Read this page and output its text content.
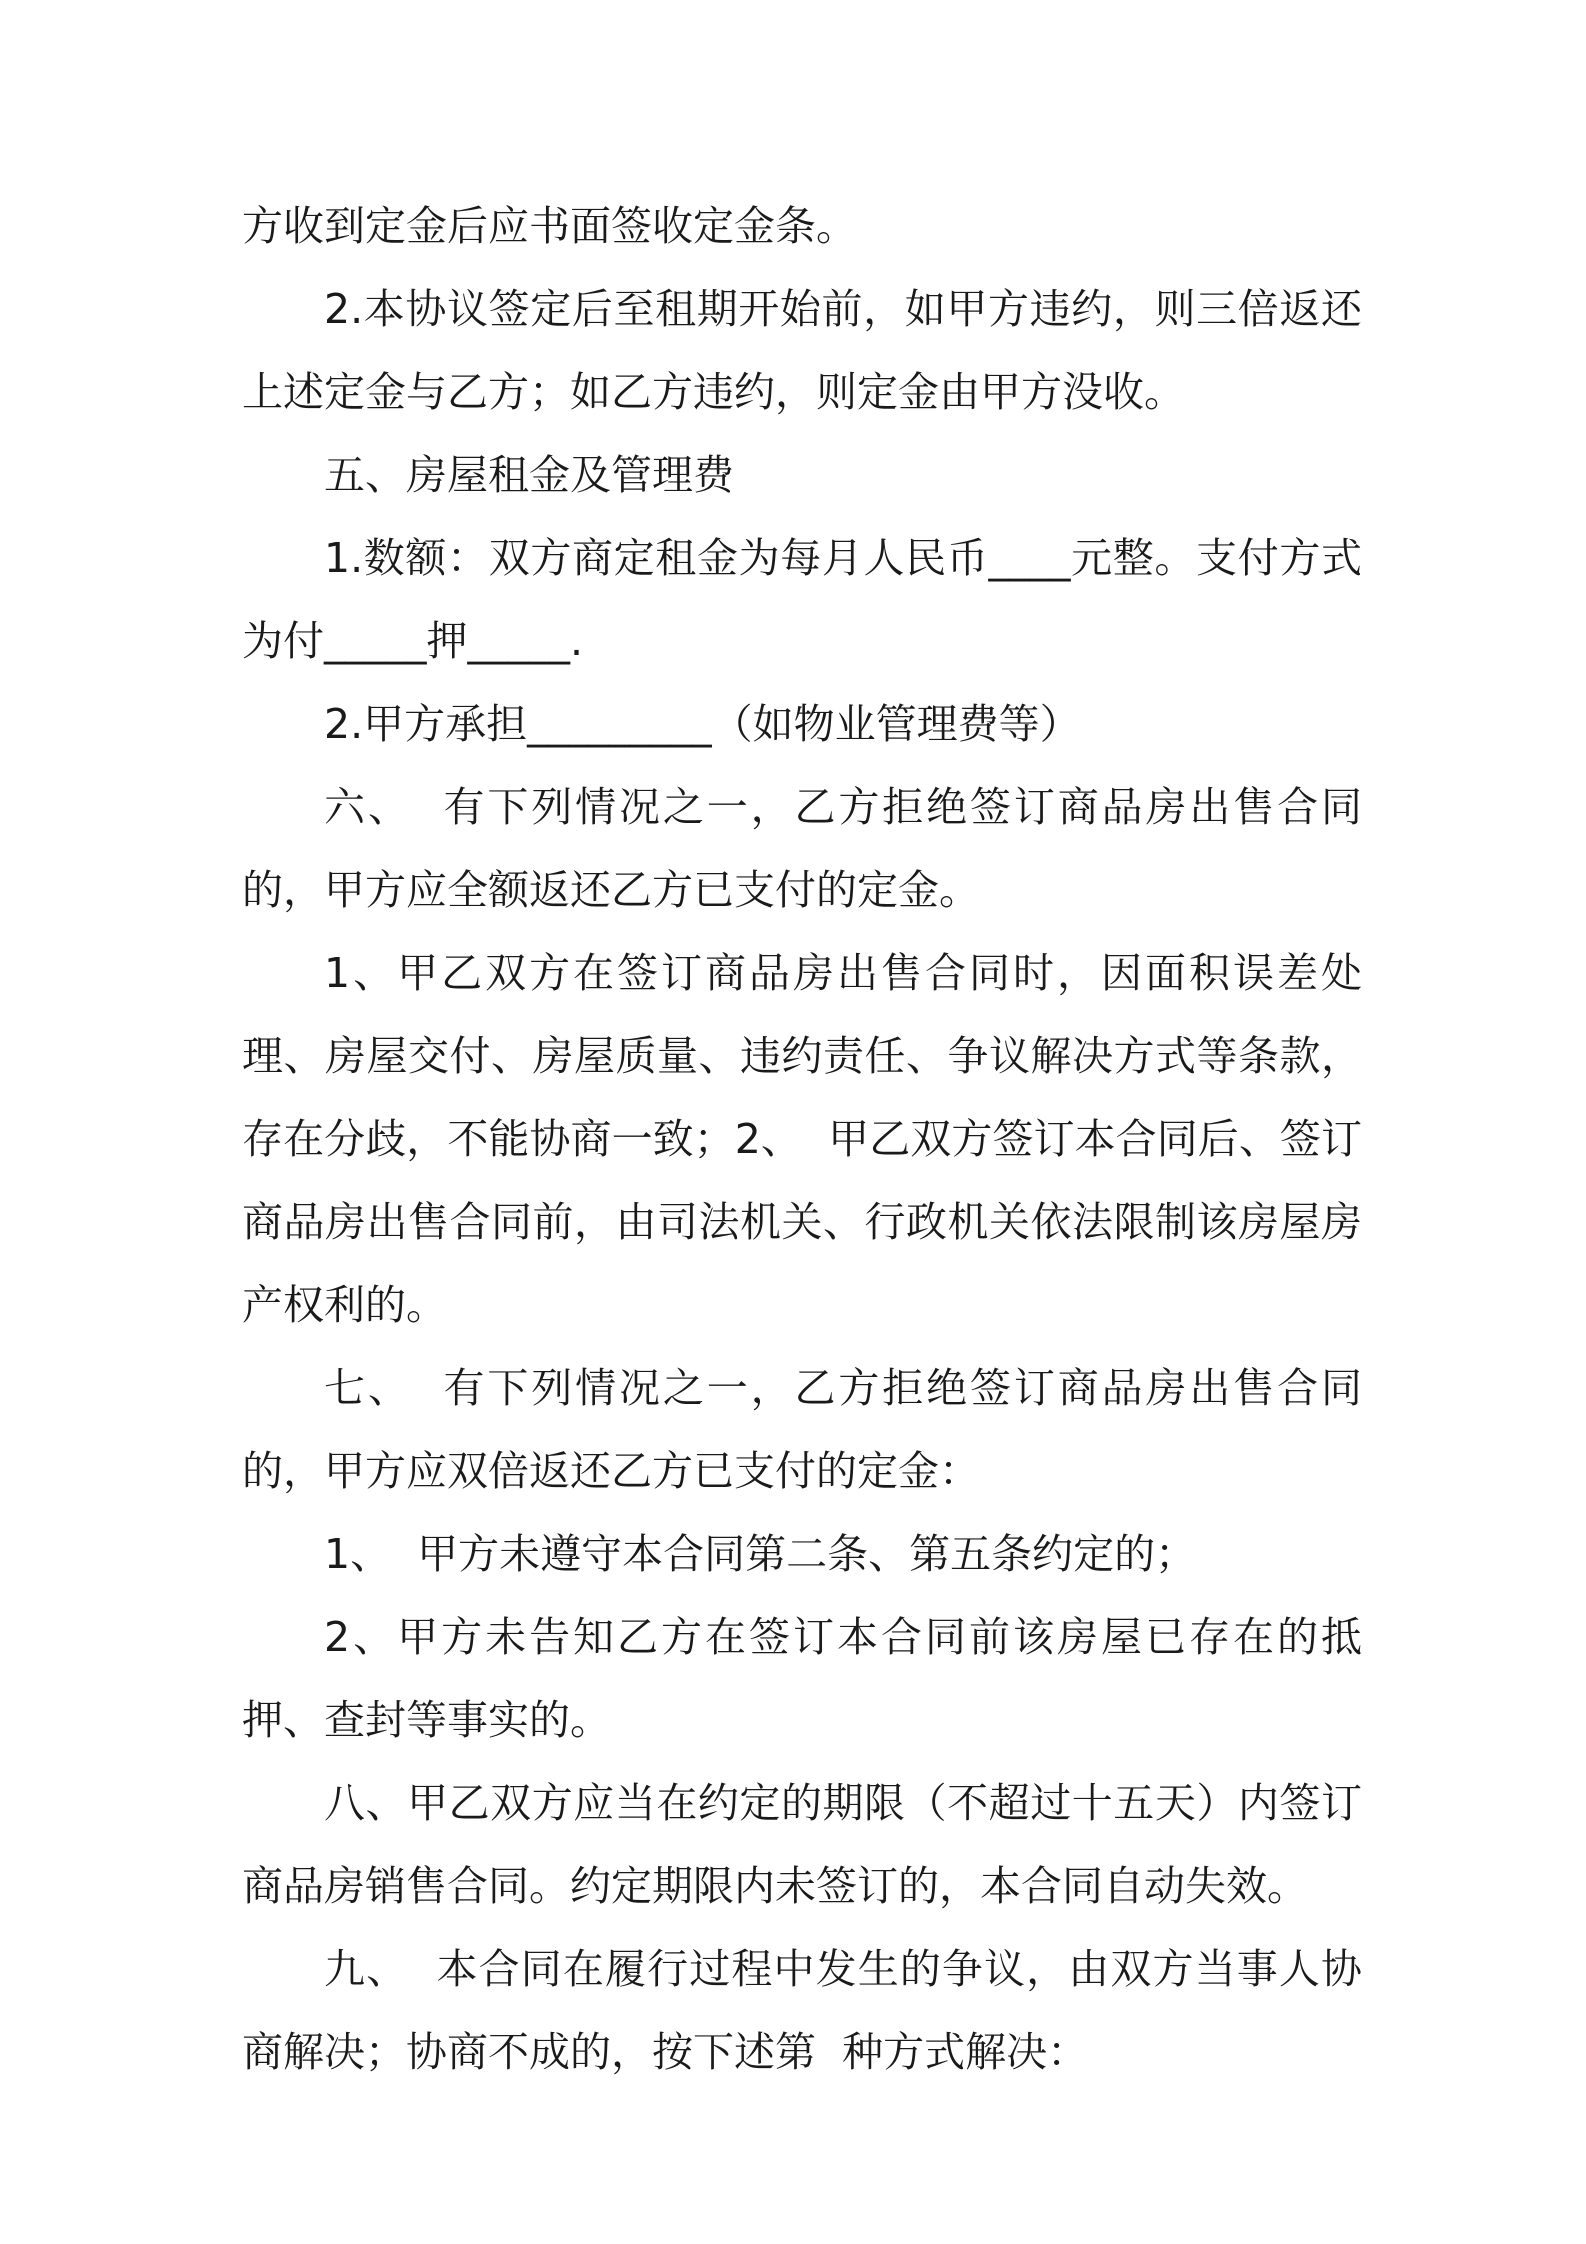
方收到定金后应书面签收定金条。

2.本协议签定后至租期开始前，如甲方违约，则三倍返还上述定金与乙方；如乙方违约，则定金由甲方没收。

五、房屋租金及管理费

1.数额：双方商定租金为每月人民币____元整。支付方式为付_____押_____.

2.甲方承担_________（如物业管理费等）

六、  有下列情况之一，乙方拒绝签订商品房出售合同的，甲方应全额返还乙方已支付的定金。

1、甲乙双方在签订商品房出售合同时，因面积误差处理、房屋交付、房屋质量、违约责任、争议解决方式等条款，存在分歧，不能协商一致；2、  甲乙双方签订本合同后、签订商品房出售合同前，由司法机关、行政机关依法限制该房屋房产权利的。

七、  有下列情况之一，乙方拒绝签订商品房出售合同的，甲方应双倍返还乙方已支付的定金：

1、  甲方未遵守本合同第二条、第五条约定的；

2、甲方未告知乙方在签订本合同前该房屋已存在的抵押、查封等事实的。

八、甲乙双方应当在约定的期限（不超过十五天）内签订商品房销售合同。约定期限内未签订的，本合同自动失效。

九、  本合同在履行过程中发生的争议，由双方当事人协商解决；协商不成的，按下述第  种方式解决：
